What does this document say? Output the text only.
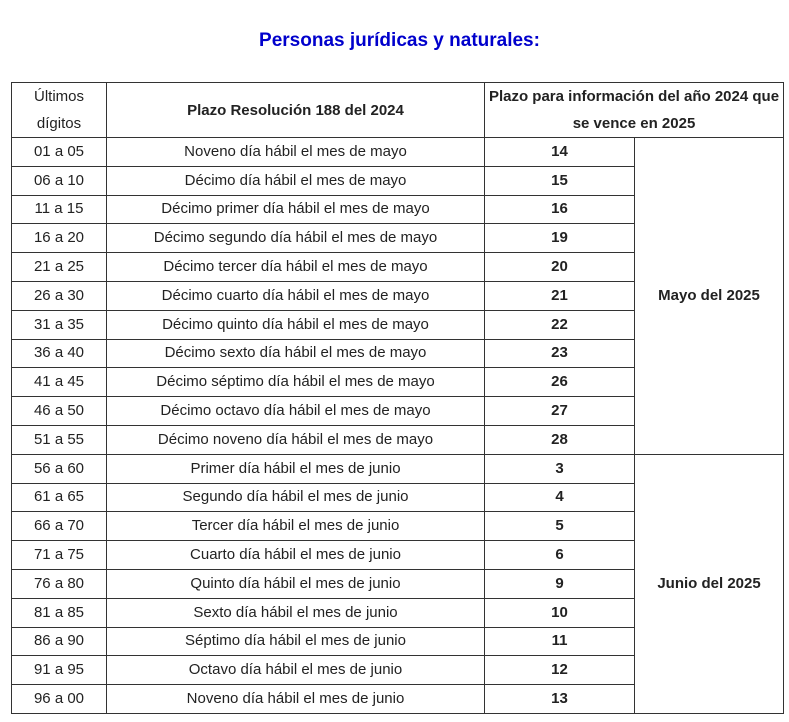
Personas jurídicas y naturales:
Últimos dígitos	Plazo Resolución 188 del 2024	Plazo para información del año 2024 que se vence en 2025	
01 a 05	Noveno día hábil el mes de mayo	14	Mayo del 2025
06 a 10	Décimo día hábil el mes de mayo	15	
11 a 15	Décimo primer día hábil el mes de mayo	16	
16 a 20	Décimo segundo día hábil el mes de mayo	19	
21 a 25	Décimo tercer día hábil el mes de mayo	20	
26 a 30	Décimo cuarto día hábil el mes de mayo	21	
31 a 35	Décimo quinto día hábil el mes de mayo	22	
36 a 40	Décimo sexto día hábil el mes de mayo	23	
41 a 45	Décimo séptimo día hábil el mes de mayo	26	
46 a 50	Décimo octavo día hábil el mes de mayo	27	
51 a 55	Décimo noveno día hábil el mes de mayo	28	
56 a 60	Primer día hábil el mes de junio	3	Junio del 2025
61 a 65	Segundo día hábil el mes de junio	4	
66 a 70	Tercer día hábil el mes de junio	5	
71 a 75	Cuarto día hábil el mes de junio	6	
76 a 80	Quinto día hábil el mes de junio	9	
81 a 85	Sexto día hábil el mes de junio	10	
86 a 90	Séptimo día hábil el mes de junio	11	
91 a 95	Octavo día hábil el mes de junio	12	
96 a 00	Noveno día hábil el mes de junio	13	
